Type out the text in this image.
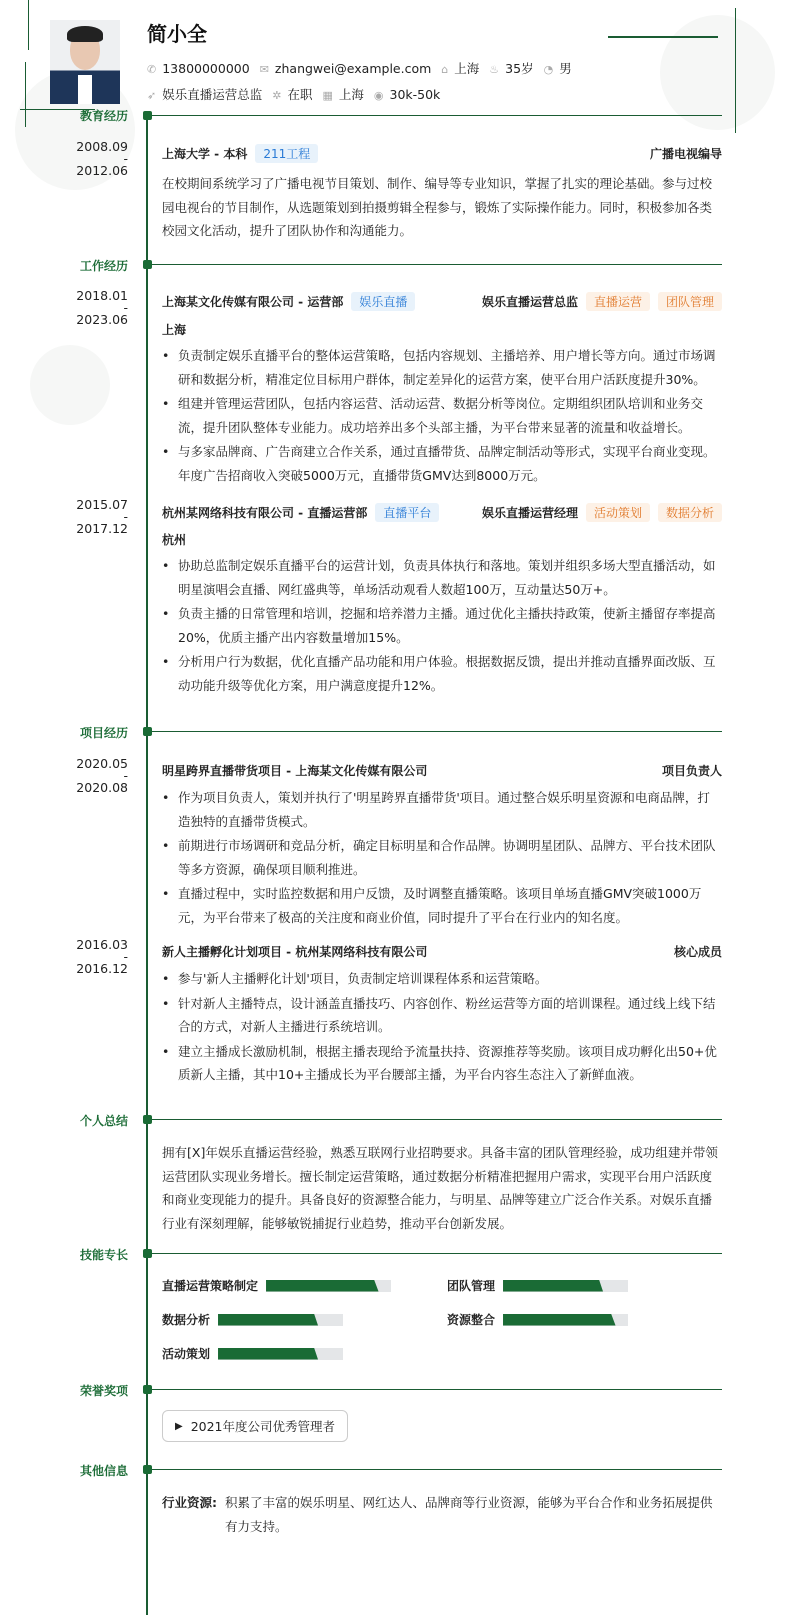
简小全
✆ 13800000000 ✉ zhangwei@example.com ⌂ 上海 ♨ 35岁 ◔ 男
➶ 娱乐直播运营总监 ✲ 在职 ▦ 上海 ◉ 30k-50k
教育经历
2008.09
-
2012.06
上海大学 - 本科	211工程	广播电视编导
在校期间系统学习了广播电视节目策划、制作、编导等专业知识，掌握了扎实的理论基础。参与过校园电视台的节目制作，从选题策划到拍摄剪辑全程参与，锻炼了实际操作能力。同时，积极参加各类校园文化活动，提升了团队协作和沟通能力。
工作经历
2018.01
-
2023.06
上海某文化传媒有限公司 - 运营部	娱乐直播	娱乐直播运营总监	直播运营	团队管理
上海
• 负责制定娱乐直播平台的整体运营策略，包括内容规划、主播培养、用户增长等方向。通过市场调研和数据分析，精准定位目标用户群体，制定差异化的运营方案，使平台用户活跃度提升30%。
• 组建并管理运营团队，包括内容运营、活动运营、数据分析等岗位。定期组织团队培训和业务交流，提升团队整体专业能力。成功培养出多个头部主播，为平台带来显著的流量和收益增长。
• 与多家品牌商、广告商建立合作关系，通过直播带货、品牌定制活动等形式，实现平台商业变现。年度广告招商收入突破5000万元，直播带货GMV达到8000万元。
2015.07
-
2017.12
杭州某网络科技有限公司 - 直播运营部	直播平台	娱乐直播运营经理	活动策划	数据分析
杭州
• 协助总监制定娱乐直播平台的运营计划，负责具体执行和落地。策划并组织多场大型直播活动，如明星演唱会直播、网红盛典等，单场活动观看人数超100万，互动量达50万+。
• 负责主播的日常管理和培训，挖掘和培养潜力主播。通过优化主播扶持政策，使新主播留存率提高20%，优质主播产出内容数量增加15%。
• 分析用户行为数据，优化直播产品功能和用户体验。根据数据反馈，提出并推动直播界面改版、互动功能升级等优化方案，用户满意度提升12%。
项目经历
2020.05
-
2020.08
明星跨界直播带货项目 - 上海某文化传媒有限公司	项目负责人
• 作为项目负责人，策划并执行了'明星跨界直播带货'项目。通过整合娱乐明星资源和电商品牌，打造独特的直播带货模式。
• 前期进行市场调研和竞品分析，确定目标明星和合作品牌。协调明星团队、品牌方、平台技术团队等多方资源，确保项目顺利推进。
• 直播过程中，实时监控数据和用户反馈，及时调整直播策略。该项目单场直播GMV突破1000万元，为平台带来了极高的关注度和商业价值，同时提升了平台在行业内的知名度。
2016.03
-
2016.12
新人主播孵化计划项目 - 杭州某网络科技有限公司	核心成员
• 参与'新人主播孵化计划'项目，负责制定培训课程体系和运营策略。
• 针对新人主播特点，设计涵盖直播技巧、内容创作、粉丝运营等方面的培训课程。通过线上线下结合的方式，对新人主播进行系统培训。
• 建立主播成长激励机制，根据主播表现给予流量扶持、资源推荐等奖励。该项目成功孵化出50+优质新人主播，其中10+主播成长为平台腰部主播，为平台内容生态注入了新鲜血液。
个人总结
拥有[X]年娱乐直播运营经验，熟悉互联网行业招聘要求。具备丰富的团队管理经验，成功组建并带领运营团队实现业务增长。擅长制定运营策略，通过数据分析精准把握用户需求，实现平台用户活跃度和商业变现能力的提升。具备良好的资源整合能力，与明星、品牌等建立广泛合作关系。对娱乐直播行业有深刻理解，能够敏锐捕捉行业趋势，推动平台创新发展。
技能专长
直播运营策略制定	团队管理
数据分析	资源整合
活动策划
荣誉奖项
▶ 2021年度公司优秀管理者
其他信息
行业资源: 积累了丰富的娱乐明星、网红达人、品牌商等行业资源，能够为平台合作和业务拓展提供有力支持。
